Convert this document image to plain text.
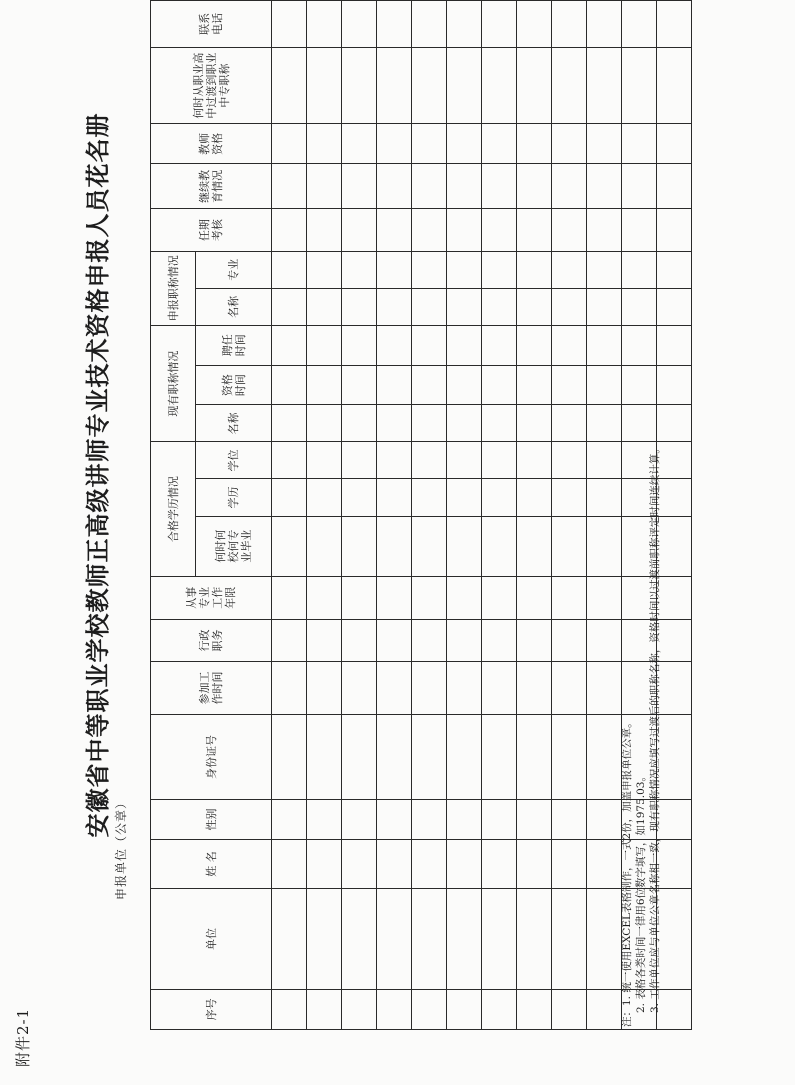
附件2-1
安徽省中等职业学校教师正高级讲师专业技术资格申报人员花名册
申报单位（公章）
序号	单位	姓 名	性别	身份证号	参加工作时间	行政职务	从事专业工作年限	合格学历情况			现有职称情况			申报职称情况		任期考核	继续教育情况	教师资格	何时从职业高中过渡到职业中专职称	联系电话
								何时何校何专业毕业	学历	学位	名称	资格时间	聘任时间	名称	专业					

注：1. 统一使用EXCEL表格制作，一式2份，加盖申报单位公章。 2. 表格各类时间一律用6位数字填写，如1975.03。 3. 工作单位应与单位公章名称相一致，现有职称情况应填写过渡后的职称名称，资格时间以过渡前职称评定时间连续计算。
